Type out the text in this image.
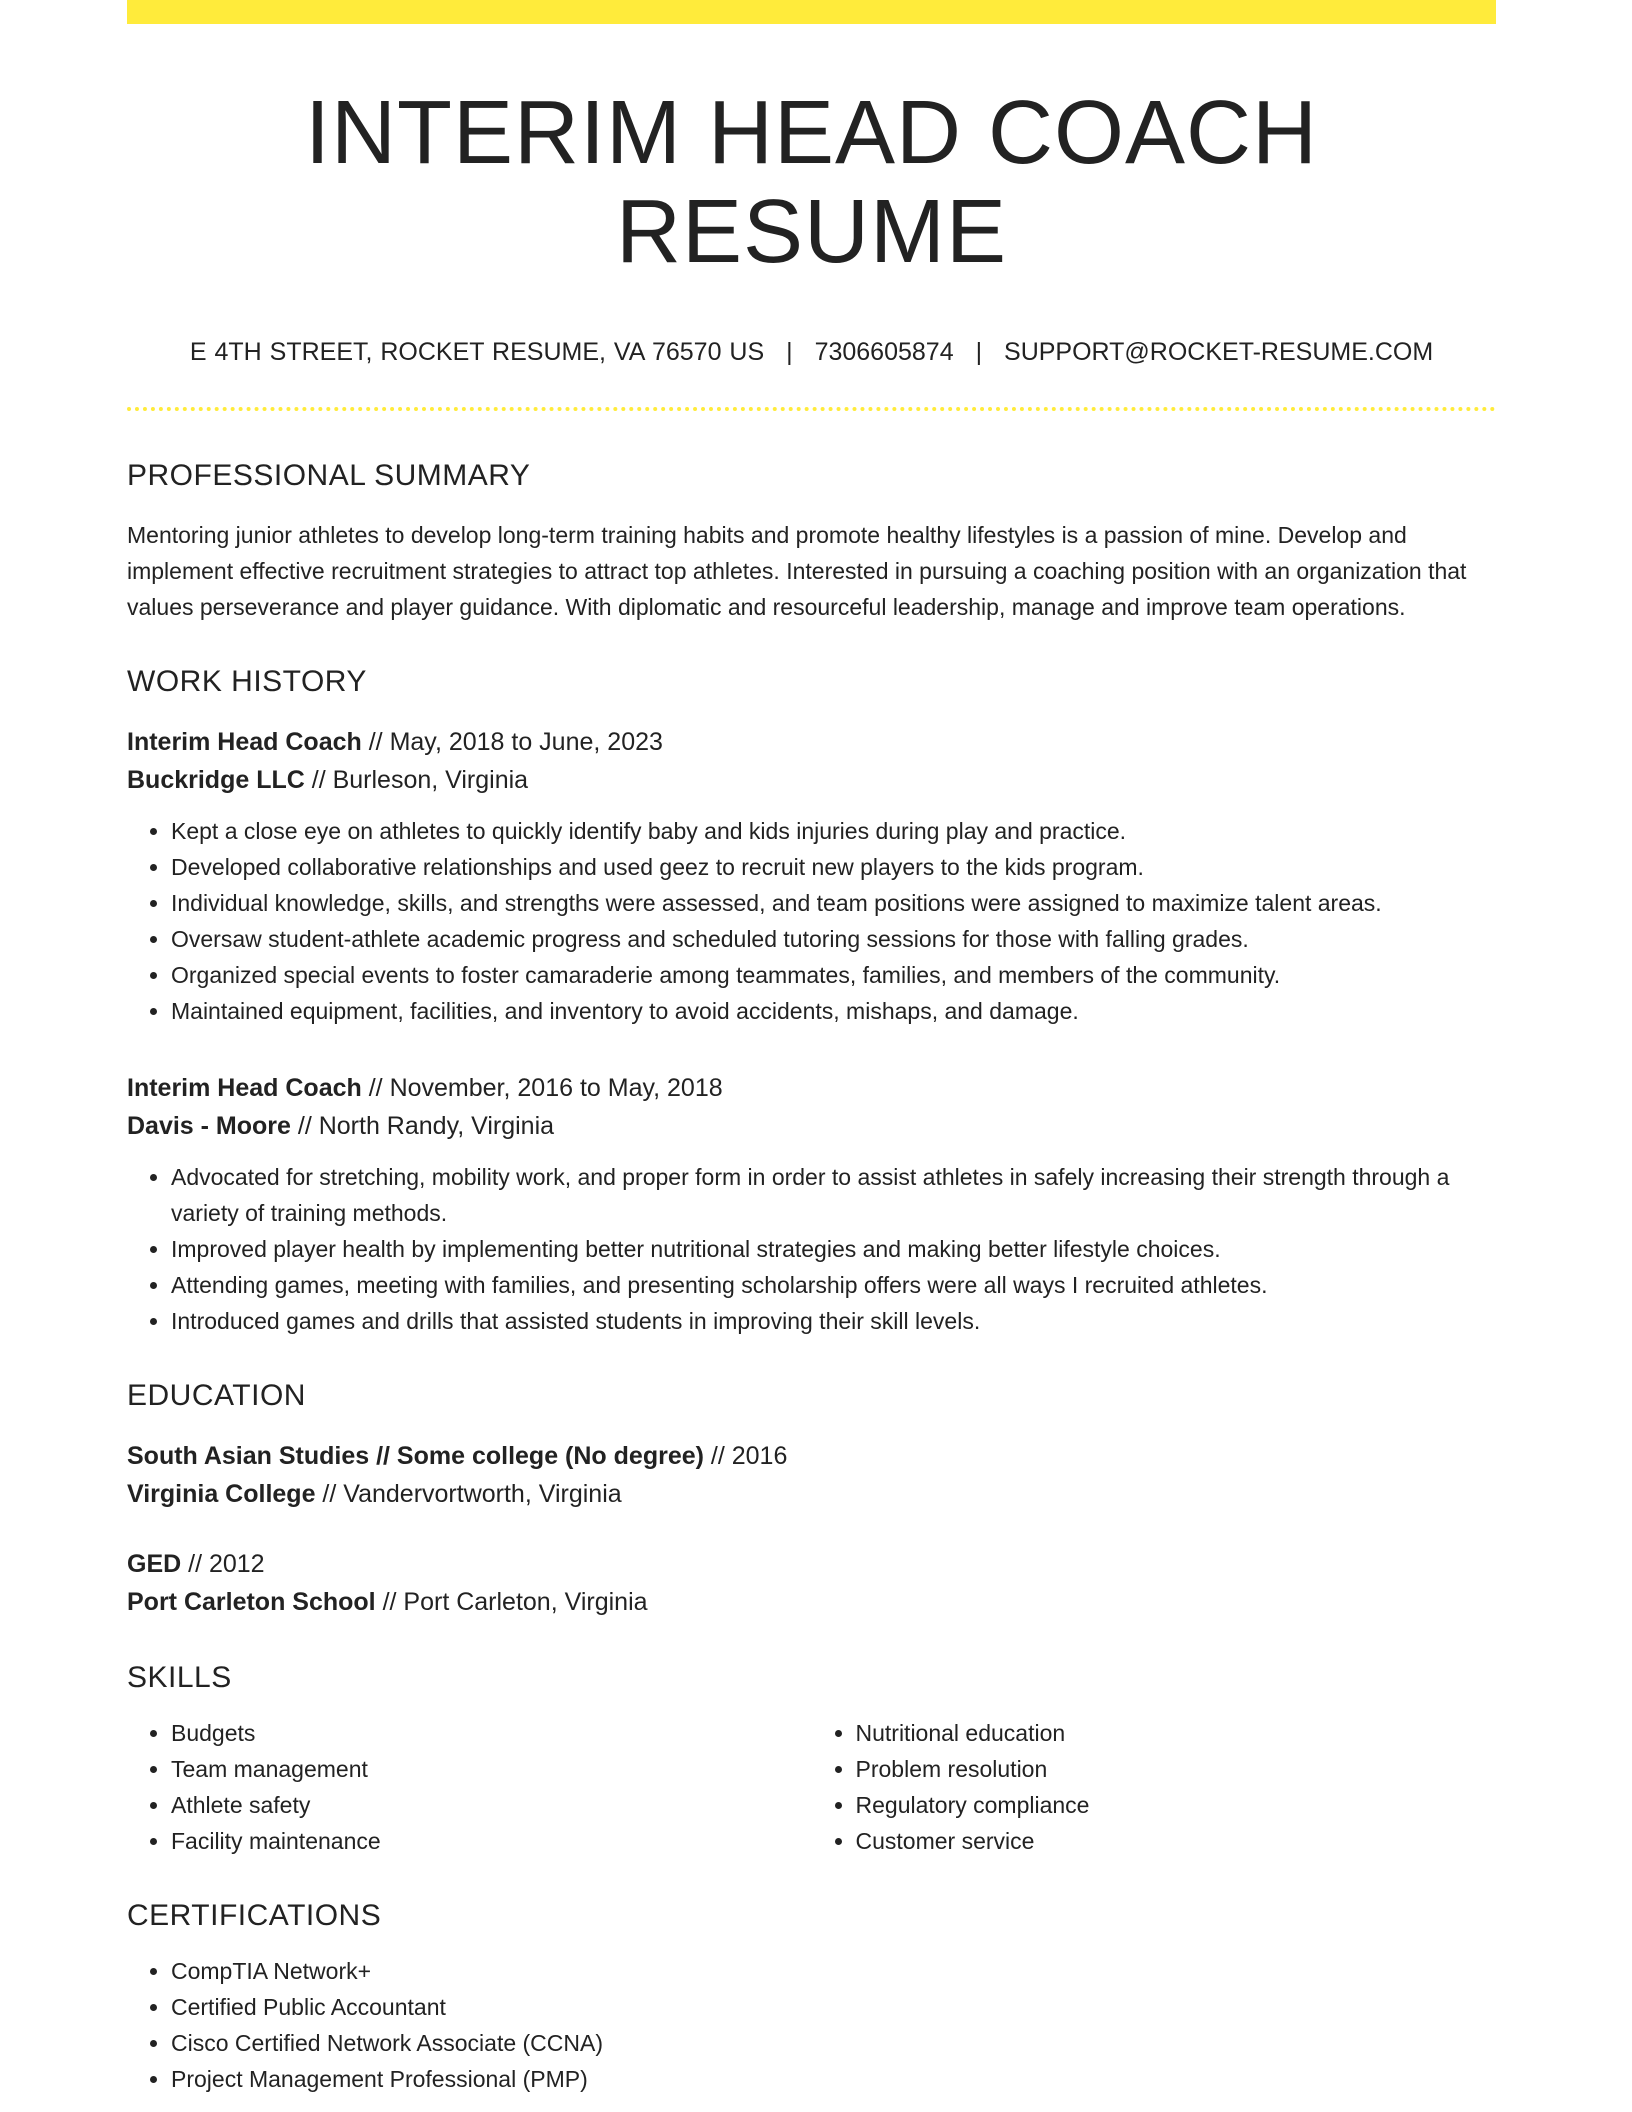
INTERIM HEAD COACH RESUME
E 4TH STREET, ROCKET RESUME, VA 76570 US | 7306605874 | SUPPORT@ROCKET-RESUME.COM
PROFESSIONAL SUMMARY
Mentoring junior athletes to develop long-term training habits and promote healthy lifestyles is a passion of mine. Develop and implement effective recruitment strategies to attract top athletes. Interested in pursuing a coaching position with an organization that values perseverance and player guidance. With diplomatic and resourceful leadership, manage and improve team operations.
WORK HISTORY
Interim Head Coach // May, 2018 to June, 2023
Buckridge LLC // Burleson, Virginia
• Kept a close eye on athletes to quickly identify baby and kids injuries during play and practice.
• Developed collaborative relationships and used geez to recruit new players to the kids program.
• Individual knowledge, skills, and strengths were assessed, and team positions were assigned to maximize talent areas.
• Oversaw student-athlete academic progress and scheduled tutoring sessions for those with falling grades.
• Organized special events to foster camaraderie among teammates, families, and members of the community.
• Maintained equipment, facilities, and inventory to avoid accidents, mishaps, and damage.
Interim Head Coach // November, 2016 to May, 2018
Davis - Moore // North Randy, Virginia
• Advocated for stretching, mobility work, and proper form in order to assist athletes in safely increasing their strength through a variety of training methods.
• Improved player health by implementing better nutritional strategies and making better lifestyle choices.
• Attending games, meeting with families, and presenting scholarship offers were all ways I recruited athletes.
• Introduced games and drills that assisted students in improving their skill levels.
EDUCATION
South Asian Studies // Some college (No degree) // 2016
Virginia College // Vandervortworth, Virginia
GED // 2012
Port Carleton School // Port Carleton, Virginia
SKILLS
• Budgets
• Team management
• Athlete safety
• Facility maintenance
• Nutritional education
• Problem resolution
• Regulatory compliance
• Customer service
CERTIFICATIONS
• CompTIA Network+
• Certified Public Accountant
• Cisco Certified Network Associate (CCNA)
• Project Management Professional (PMP)
